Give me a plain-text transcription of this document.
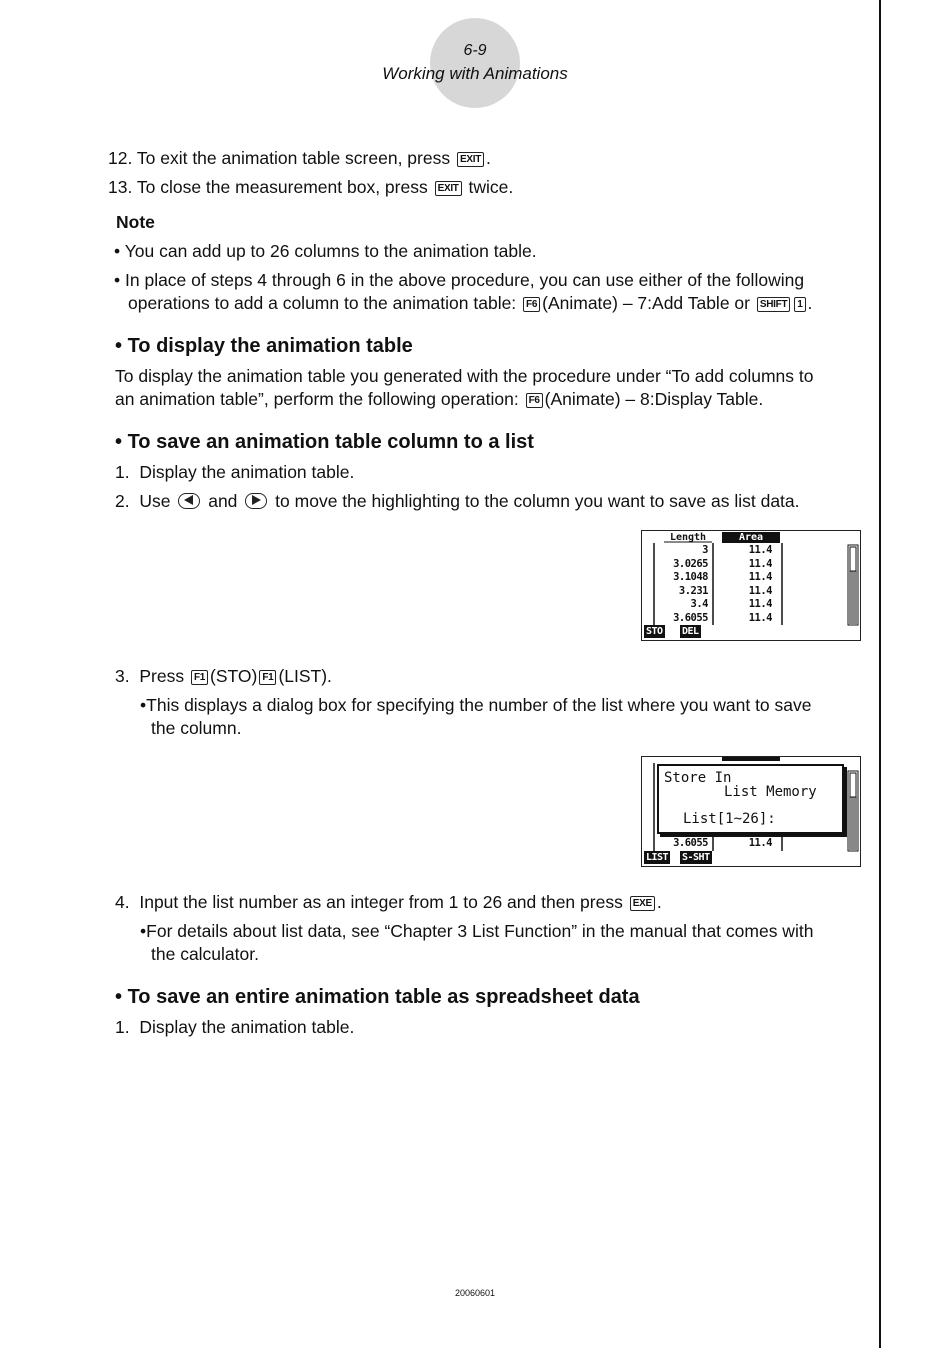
6-9
Working with Animations
12. To exit the animation table screen, press EXIT .
13. To close the measurement box, press EXIT twice.
Note
• You can add up to 26 columns to the animation table.
• In place of steps 4 through 6 in the above procedure, you can use either of the following
operations to add a column to the animation table: F6 (Animate) – 7:Add Table or SHIFT 1 .
• To display the animation table
To display the animation table you generated with the procedure under “To add columns to
an animation table”, perform the following operation: F6 (Animate) – 8:Display Table.
• To save an animation table column to a list
1. Display the animation table.
2. Use and to move the highlighting to the column you want to save as list data.
Length	Area
3
3.0265
3.1048
3.231
3.4
3.6055
11.4
11.4
11.4
11.4
11.4
11.4
STO DEL
3. Press F1 (STO) F1 (LIST).
•This displays a dialog box for specifying the number of the list where you want to save
the column.
3.6055	11.4
Store In
List Memory
List[1~26]:
LIST S-SHT
4. Input the list number as an integer from 1 to 26 and then press EXE .
•For details about list data, see “Chapter 3 List Function” in the manual that comes with
the calculator.
• To save an entire animation table as spreadsheet data
1. Display the animation table.
20060601
